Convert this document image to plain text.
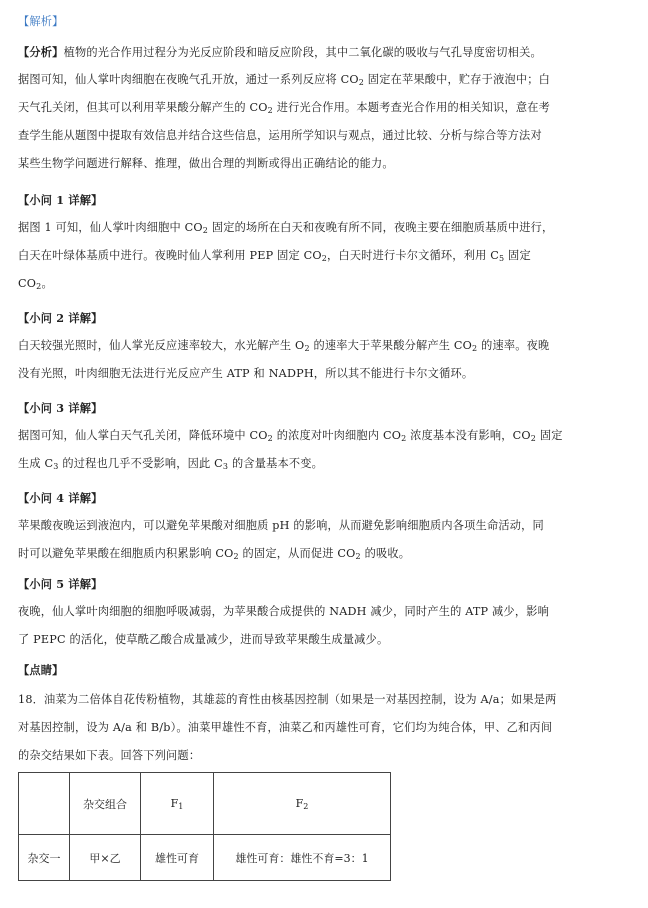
【解析】
【分析】植物的光合作用过程分为光反应阶段和暗反应阶段，其中二氧化碳的吸收与气孔导度密切相关。
据图可知，仙人掌叶肉细胞在夜晚气孔开放，通过一系列反应将 $CO_2$ 固定在苹果酸中，贮存于液泡中；白
天气孔关闭，但其可以利用苹果酸分解产生的 $CO_2$ 进行光合作用。本题考查光合作用的相关知识，意在考
查学生能从题图中提取有效信息并结合这些信息，运用所学知识与观点，通过比较、分析与综合等方法对
某些生物学问题进行解释、推理，做出合理的判断或得出正确结论的能力。
【小问 1 详解】
据图 1 可知，仙人掌叶肉细胞中 $CO_2$ 固定的场所在白天和夜晚有所不同，夜晚主要在细胞质基质中进行，
白天在叶绿体基质中进行。夜晚时仙人掌利用 PEP 固定 $CO_2$，白天时进行卡尔文循环，利用 $C_5$ 固定
$CO_2$。
【小问 2 详解】
白天较强光照时，仙人掌光反应速率较大，水光解产生 $O_2$ 的速率大于苹果酸分解产生 $CO_2$ 的速率。夜晚
没有光照，叶肉细胞无法进行光反应产生 ATP 和 NADPH，所以其不能进行卡尔文循环。
【小问 3 详解】
据图可知，仙人掌白天气孔关闭，降低环境中 $CO_2$ 的浓度对叶肉细胞内 $CO_2$ 浓度基本没有影响，$CO_2$ 固定
生成 $C_3$ 的过程也几乎不受影响，因此 $C_3$ 的含量基本不变。
【小问 4 详解】
苹果酸夜晚运到液泡内，可以避免苹果酸对细胞质 pH 的影响，从而避免影响细胞质内各项生命活动，同
时可以避免苹果酸在细胞质内积累影响 $CO_2$ 的固定，从而促进 $CO_2$ 的吸收。
【小问 5 详解】
夜晚，仙人掌叶肉细胞的细胞呼吸减弱，为苹果酸合成提供的 NADH 减少，同时产生的 ATP 减少，影响
了 PEPC 的活化，使草酰乙酸合成量减少，进而导致苹果酸生成量减少。
【点睛】
18．油菜为二倍体自花传粉植物，其雄蕊的育性由核基因控制（如果是一对基因控制，设为 A/a；如果是两
对基因控制，设为 A/a 和 B/b）。油菜甲雄性不育，油菜乙和丙雄性可育，它们均为纯合体，甲、乙和丙间
的杂交结果如下表。回答下列问题：
	杂交组合	$F_1$	$F_2$
杂交一	甲×乙	雄性可育	雄性可育：雄性不育=3：1
